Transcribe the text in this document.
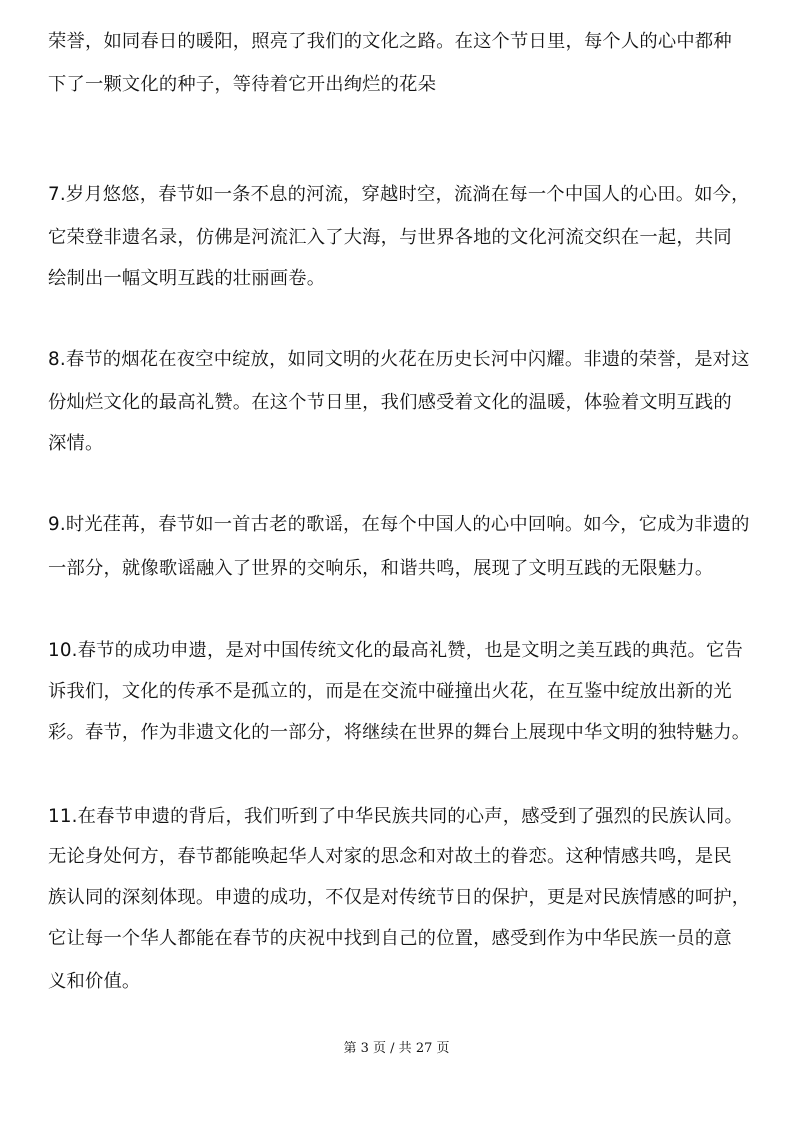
荣誉，如同春日的暖阳，照亮了我们的文化之路。在这个节日里，每个人的心中都种
下了一颗文化的种子，等待着它开出绚烂的花朵
7.岁月悠悠，春节如一条不息的河流，穿越时空，流淌在每一个中国人的心田。如今，
它荣登非遗名录，仿佛是河流汇入了大海，与世界各地的文化河流交织在一起，共同
绘制出一幅文明互践的壮丽画卷。
8.春节的烟花在夜空中绽放，如同文明的火花在历史长河中闪耀。非遗的荣誉，是对这
份灿烂文化的最高礼赞。在这个节日里，我们感受着文化的温暖，体验着文明互践的
深情。
9.时光荏苒，春节如一首古老的歌谣，在每个中国人的心中回响。如今，它成为非遗的
一部分，就像歌谣融入了世界的交响乐，和谐共鸣，展现了文明互践的无限魅力。
10.春节的成功申遗，是对中国传统文化的最高礼赞，也是文明之美互践的典范。它告
诉我们，文化的传承不是孤立的，而是在交流中碰撞出火花，在互鉴中绽放出新的光
彩。春节，作为非遗文化的一部分，将继续在世界的舞台上展现中华文明的独特魅力。
11.在春节申遗的背后，我们听到了中华民族共同的心声，感受到了强烈的民族认同。
无论身处何方，春节都能唤起华人对家的思念和对故土的眷恋。这种情感共鸣，是民
族认同的深刻体现。申遗的成功，不仅是对传统节日的保护，更是对民族情感的呵护，
它让每一个华人都能在春节的庆祝中找到自己的位置，感受到作为中华民族一员的意
义和价值。
第 3 页 / 共 27 页
